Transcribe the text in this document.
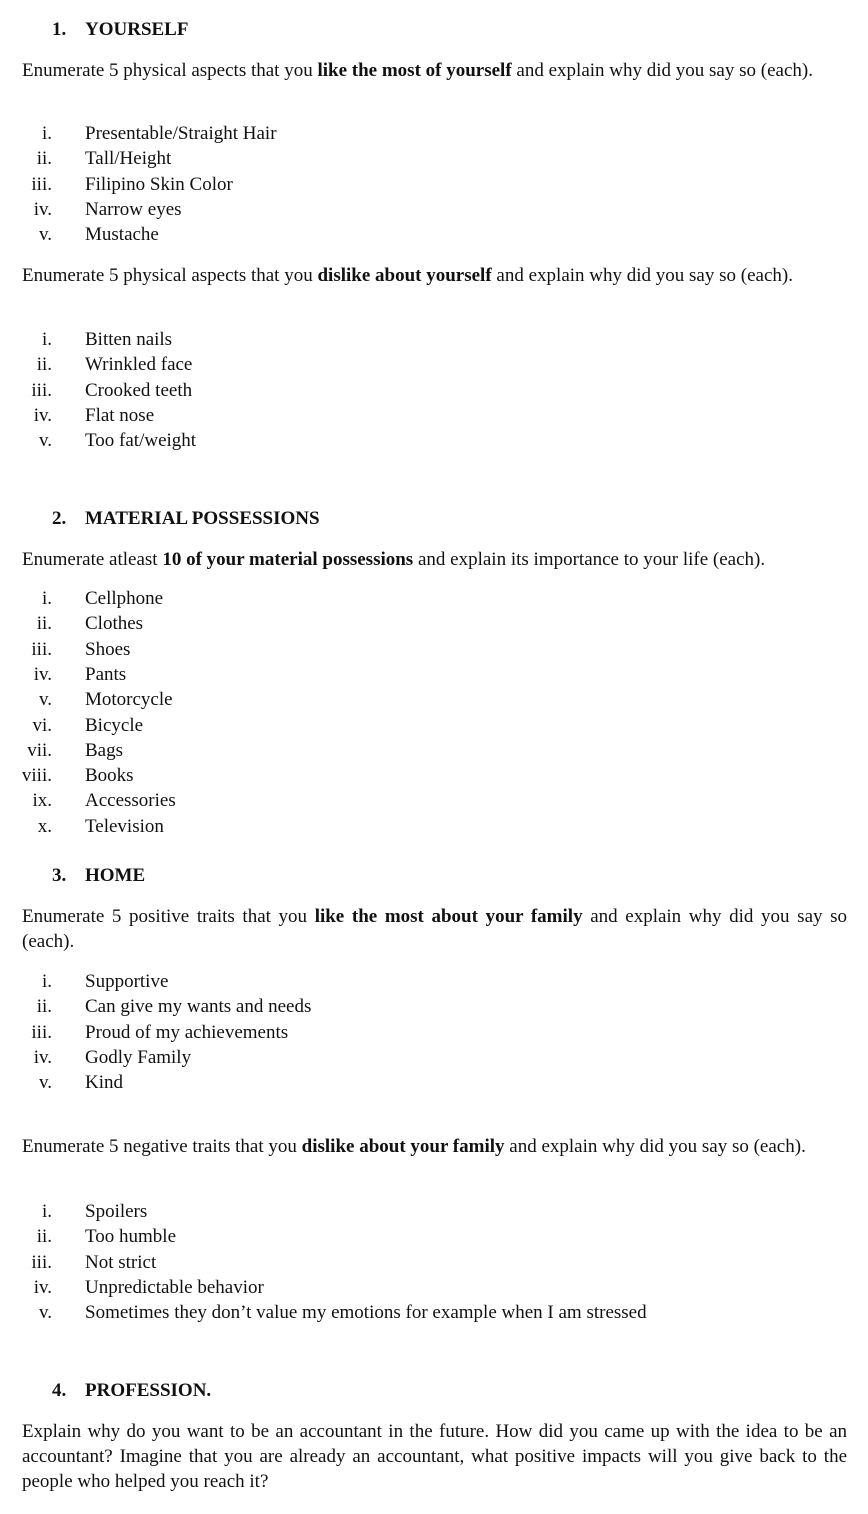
1. YOURSELF
Enumerate 5 physical aspects that you like the most of yourself and explain why did you say so (each).
i. Presentable/Straight Hair
ii. Tall/Height
iii. Filipino Skin Color
iv. Narrow eyes
v. Mustache
Enumerate 5 physical aspects that you dislike about yourself and explain why did you say so (each).
i. Bitten nails
ii. Wrinkled face
iii. Crooked teeth
iv. Flat nose
v. Too fat/weight
2. MATERIAL POSSESSIONS
Enumerate atleast 10 of your material possessions and explain its importance to your life (each).
i. Cellphone
ii. Clothes
iii. Shoes
iv. Pants
v. Motorcycle
vi. Bicycle
vii. Bags
viii. Books
ix. Accessories
x. Television
3. HOME
Enumerate 5 positive traits that you like the most about your family and explain why did you say so (each).
i. Supportive
ii. Can give my wants and needs
iii. Proud of my achievements
iv. Godly Family
v. Kind
Enumerate 5 negative traits that you dislike about your family and explain why did you say so (each).
i. Spoilers
ii. Too humble
iii. Not strict
iv. Unpredictable behavior
v. Sometimes they don’t value my emotions for example when I am stressed
4. PROFESSION.
Explain why do you want to be an accountant in the future. How did you came up with the idea to be an accountant? Imagine that you are already an accountant, what positive impacts will you give back to the people who helped you reach it?
